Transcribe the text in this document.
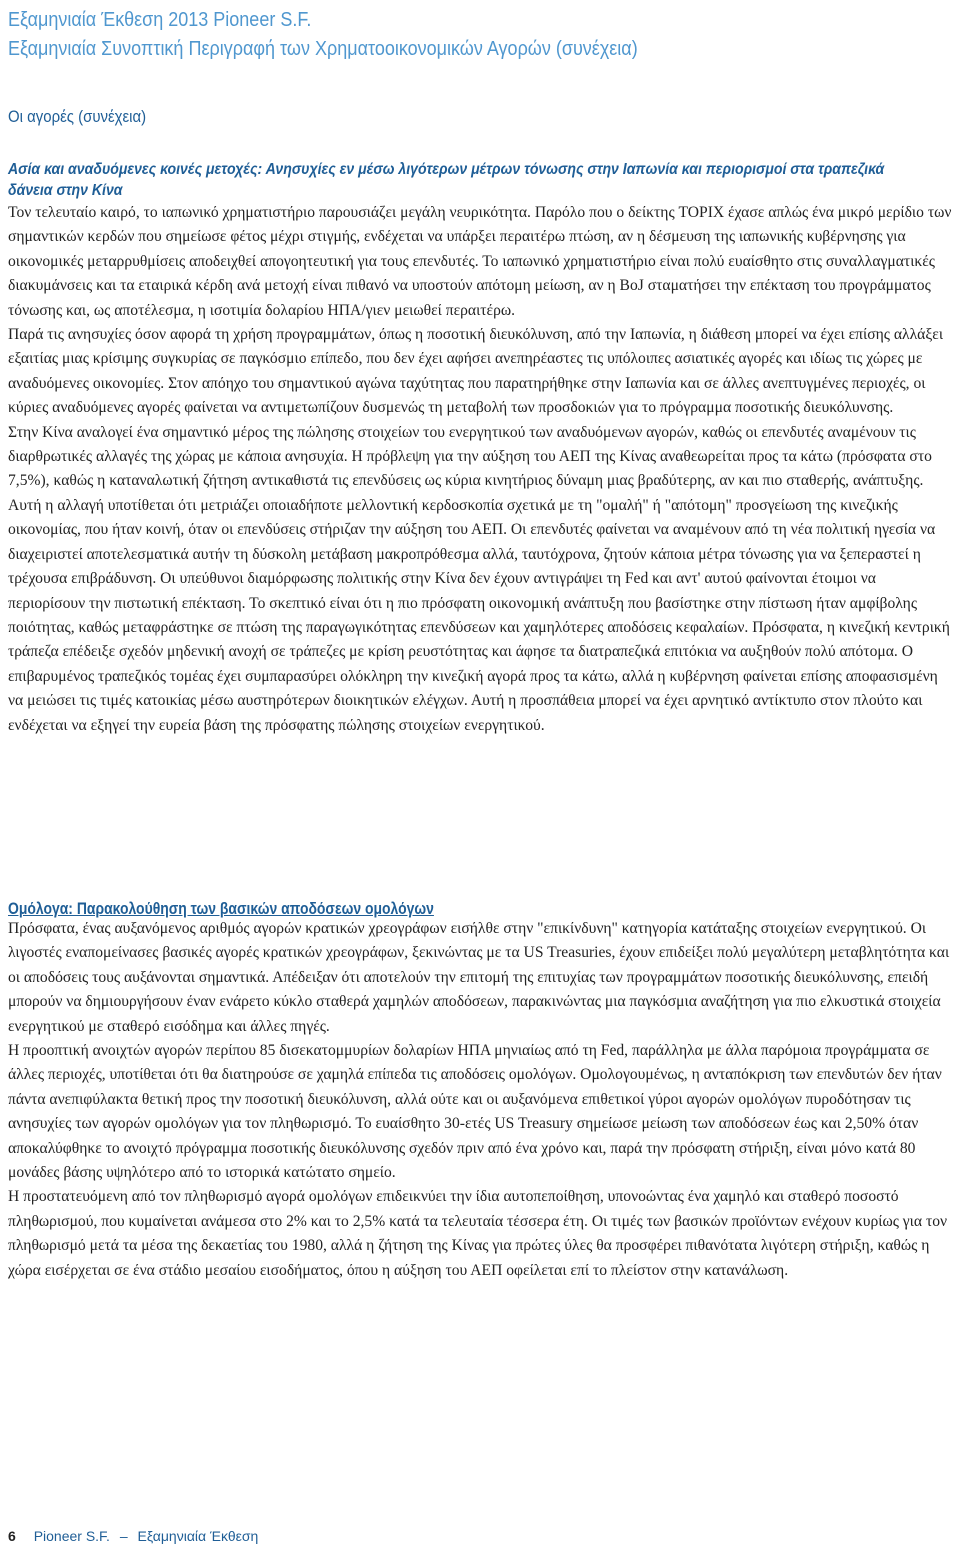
Εξαμηνιαία Έκθεση 2013 Pioneer S.F.
Εξαμηνιαία Συνοπτική Περιγραφή των Χρηματοοικονομικών Αγορών (συνέχεια)
Οι αγορές (συνέχεια)
Ασία και αναδυόμενες κοινές μετοχές: Ανησυχίες εν μέσω λιγότερων μέτρων τόνωσης στην Ιαπωνία και περιορισμοί στα τραπεζικά δάνεια στην Κίνα

Τον τελευταίο καιρό, το ιαπωνικό χρηματιστήριο παρουσιάζει μεγάλη νευρικότητα. Παρόλο που ο δείκτης TOPIX έχασε απλώς ένα μικρό μερίδιο των σημαντικών κερδών που σημείωσε φέτος μέχρι στιγμής, ενδέχεται να υπάρξει περαιτέρω πτώση, αν η δέσμευση της ιαπωνικής κυβέρνησης για οικονομικές μεταρρυθμίσεις αποδειχθεί απογοητευτική για τους επενδυτές. Το ιαπωνικό χρηματιστήριο είναι πολύ ευαίσθητο στις συναλλαγματικές διακυμάνσεις και τα εταιρικά κέρδη ανά μετοχή είναι πιθανό να υποστούν απότομη μείωση, αν η BoJ σταματήσει την επέκταση του προγράμματος τόνωσης και, ως αποτέλεσμα, η ισοτιμία δολαρίου ΗΠΑ/γιεν μειωθεί περαιτέρω.

Παρά τις ανησυχίες όσον αφορά τη χρήση προγραμμάτων, όπως η ποσοτική διευκόλυνση, από την Ιαπωνία, η διάθεση μπορεί να έχει επίσης αλλάξει εξαιτίας μιας κρίσιμης συγκυρίας σε παγκόσμιο επίπεδο, που δεν έχει αφήσει ανεπηρέαστες τις υπόλοιπες ασιατικές αγορές και ιδίως τις χώρες με αναδυόμενες οικονομίες. Στον απόηχο του σημαντικού αγώνα ταχύτητας που παρατηρήθηκε στην Ιαπωνία και σε άλλες ανεπτυγμένες περιοχές, οι κύριες αναδυόμενες αγορές φαίνεται να αντιμετωπίζουν δυσμενώς τη μεταβολή των προσδοκιών για το πρόγραμμα ποσοτικής διευκόλυνσης.

Στην Κίνα αναλογεί ένα σημαντικό μέρος της πώλησης στοιχείων του ενεργητικού των αναδυόμενων αγορών, καθώς οι επενδυτές αναμένουν τις διαρθρωτικές αλλαγές της χώρας με κάποια ανησυχία. Η πρόβλεψη για την αύξηση του ΑΕΠ της Κίνας αναθεωρείται προς τα κάτω (πρόσφατα στο 7,5%), καθώς η καταναλωτική ζήτηση αντικαθιστά τις επενδύσεις ως κύρια κινητήριος δύναμη μιας βραδύτερης, αν και πιο σταθερής, ανάπτυξης. Αυτή η αλλαγή υποτίθεται ότι μετριάζει οποιαδήποτε μελλοντική κερδοσκοπία σχετικά με τη "ομαλή" ή "απότομη" προσγείωση της κινεζικής οικονομίας, που ήταν κοινή, όταν οι επενδύσεις στήριζαν την αύξηση του ΑΕΠ. Οι επενδυτές φαίνεται να αναμένουν από τη νέα πολιτική ηγεσία να διαχειριστεί αποτελεσματικά αυτήν τη δύσκολη μετάβαση μακροπρόθεσμα αλλά, ταυτόχρονα, ζητούν κάποια μέτρα τόνωσης για να ξεπεραστεί η τρέχουσα επιβράδυνση. Οι υπεύθυνοι διαμόρφωσης πολιτικής στην Κίνα δεν έχουν αντιγράψει τη Fed και αντ' αυτού φαίνονται έτοιμοι να περιορίσουν την πιστωτική επέκταση. Το σκεπτικό είναι ότι η πιο πρόσφατη οικονομική ανάπτυξη που βασίστηκε στην πίστωση ήταν αμφίβολης ποιότητας, καθώς μεταφράστηκε σε πτώση της παραγωγικότητας επενδύσεων και χαμηλότερες αποδόσεις κεφαλαίων. Πρόσφατα, η κινεζική κεντρική τράπεζα επέδειξε σχεδόν μηδενική ανοχή σε τράπεζες με κρίση ρευστότητας και άφησε τα διατραπεζικά επιτόκια να αυξηθούν πολύ απότομα. Ο επιβαρυμένος τραπεζικός τομέας έχει συμπαρασύρει ολόκληρη την κινεζική αγορά προς τα κάτω, αλλά η κυβέρνηση φαίνεται επίσης αποφασισμένη να μειώσει τις τιμές κατοικίας μέσω αυστηρότερων διοικητικών ελέγχων. Αυτή η προσπάθεια μπορεί να έχει αρνητικό αντίκτυπο στον πλούτο και ενδέχεται να εξηγεί την ευρεία βάση της πρόσφατης πώλησης στοιχείων ενεργητικού.

Ομόλογα: Παρακολούθηση των βασικών αποδόσεων ομολόγων

Πρόσφατα, ένας αυξανόμενος αριθμός αγορών κρατικών χρεογράφων εισήλθε στην "επικίνδυνη" κατηγορία κατάταξης στοιχείων ενεργητικού. Οι λιγοστές εναπομείνασες βασικές αγορές κρατικών χρεογράφων, ξεκινώντας με τα US Treasuries, έχουν επιδείξει πολύ μεγαλύτερη μεταβλητότητα και οι αποδόσεις τους αυξάνονται σημαντικά. Απέδειξαν ότι αποτελούν την επιτομή της επιτυχίας των προγραμμάτων ποσοτικής διευκόλυνσης, επειδή μπορούν να δημιουργήσουν έναν ενάρετο κύκλο σταθερά χαμηλών αποδόσεων, παρακινώντας μια παγκόσμια αναζήτηση για πιο ελκυστικά στοιχεία ενεργητικού με σταθερό εισόδημα και άλλες πηγές.

Η προοπτική ανοιχτών αγορών περίπου 85 δισεκατομμυρίων δολαρίων ΗΠΑ μηνιαίως από τη Fed, παράλληλα με άλλα παρόμοια προγράμματα σε άλλες περιοχές, υποτίθεται ότι θα διατηρούσε σε χαμηλά επίπεδα τις αποδόσεις ομολόγων. Ομολογουμένως, η ανταπόκριση των επενδυτών δεν ήταν πάντα ανεπιφύλακτα θετική προς την ποσοτική διευκόλυνση, αλλά ούτε και οι αυξανόμενα επιθετικοί γύροι αγορών ομολόγων πυροδότησαν τις ανησυχίες των αγορών ομολόγων για τον πληθωρισμό. Το ευαίσθητο 30-ετές US Treasury σημείωσε μείωση των αποδόσεων έως και 2,50% όταν αποκαλύφθηκε το ανοιχτό πρόγραμμα ποσοτικής διευκόλυνσης σχεδόν πριν από ένα χρόνο και, παρά την πρόσφατη στήριξη, είναι μόνο κατά 80 μονάδες βάσης υψηλότερο από το ιστορικά κατώτατο σημείο.

Η προστατευόμενη από τον πληθωρισμό αγορά ομολόγων επιδεικνύει την ίδια αυτοπεποίθηση, υπονοώντας ένα χαμηλό και σταθερό ποσοστό πληθωρισμού, που κυμαίνεται ανάμεσα στο 2% και το 2,5% κατά τα τελευταία τέσσερα έτη. Οι τιμές των βασικών προϊόντων ενέχουν κυρίως για τον πληθωρισμό μετά τα μέσα της δεκαετίας του 1980, αλλά η ζήτηση της Κίνας για πρώτες ύλες θα προσφέρει πιθανότατα λιγότερη στήριξη, καθώς η χώρα εισέρχεται σε ένα στάδιο μεσαίου εισοδήματος, όπου η αύξηση του ΑΕΠ οφείλεται επί το πλείστον στην κατανάλωση.

6 Pioneer S.F. – Εξαμηνιαία Έκθεση
